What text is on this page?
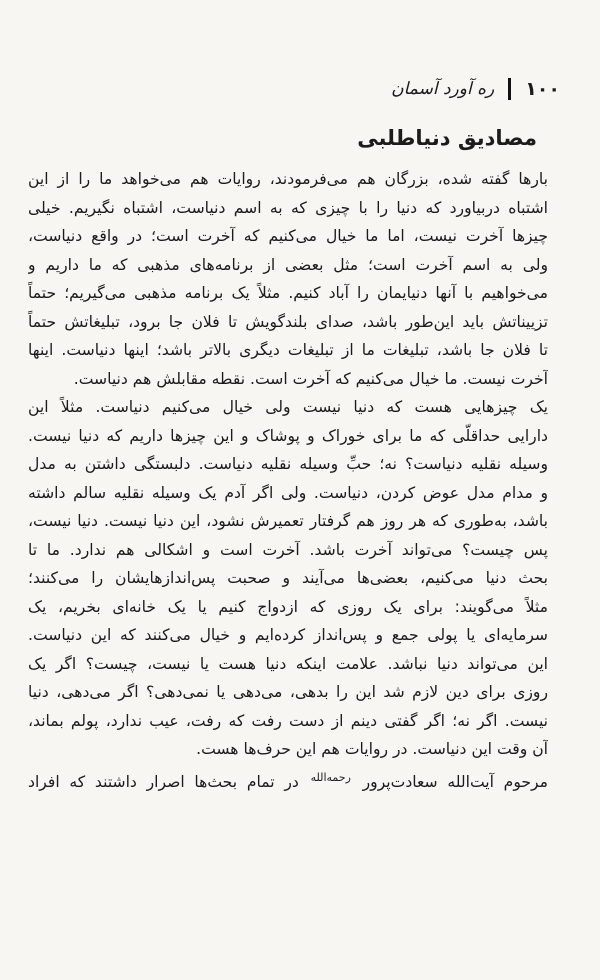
۱۰۰
ره آورد آسمان
مصادیق دنیاطلبی

بارها گفته شده، بزرگان هم می‌فرمودند، روایات هم می‌خواهد ما را از این
اشتباه دربیاورد که دنیا را با چیزی که به اسم دنیاست، اشتباه نگیریم. خیلی
چیزها آخرت نیست، اما ما خیال می‌کنیم که آخرت است؛ در واقع دنیاست،
ولی به اسم آخرت است؛ مثل بعضی از برنامه‌های مذهبی که ما داریم و
می‌خواهیم با آنها دنیایمان را آباد کنیم. مثلاً یک برنامه مذهبی می‌گیریم؛ حتماً
تزییناتش باید این‌طور باشد، صدای بلندگویش تا فلان جا برود، تبلیغاتش حتماً
تا فلان جا باشد، تبلیغات ما از تبلیغات دیگری بالاتر باشد؛ اینها دنیاست. اینها
آخرت نیست. ما خیال می‌کنیم که آخرت است. نقطه مقابلش هم دنیاست.

یک چیزهایی هست که دنیا نیست ولی خیال می‌کنیم دنیاست. مثلاً این
دارایی حداقلّی که ما برای خوراک و پوشاک و این چیزها داریم که دنیا نیست.
وسیله نقلیه دنیاست؟ نه؛ حبِّ وسیله نقلیه دنیاست. دلبستگی داشتن به مدل
و مدام مدل عوض کردن، دنیاست. ولی اگر آدم یک وسیله نقلیه سالم داشته
باشد، به‌طوری که هر روز هم گرفتار تعمیرش نشود، این دنیا نیست. دنیا نیست،
پس چیست؟ می‌تواند آخرت باشد. آخرت است و اشکالی هم ندارد. ما تا
بحث دنیا می‌کنیم، بعضی‌ها می‌آیند و صحبت پس‌اندازهایشان را می‌کنند؛
مثلاً می‌گویند: برای یک روزی که ازدواج کنیم یا یک خانه‌ای بخریم، یک
سرمایه‌ای یا پولی جمع و پس‌انداز کرده‌ایم و خیال می‌کنند که این دنیاست.
این می‌تواند دنیا نباشد. علامت اینکه دنیا هست یا نیست، چیست؟ اگر یک
روزی برای دین لازم شد این را بدهی، می‌دهی یا نمی‌دهی؟ اگر می‌دهی، دنیا
نیست. اگر نه؛ اگر گفتی دینم از دست رفت که رفت، عیب ندارد، پولم بماند،
آن وقت این دنیاست. در روایات هم این حرف‌ها هست.

مرحوم آیت‌الله سعادت‌پرور رحمه‌الله در تمام بحث‌ها اصرار داشتند که افراد
